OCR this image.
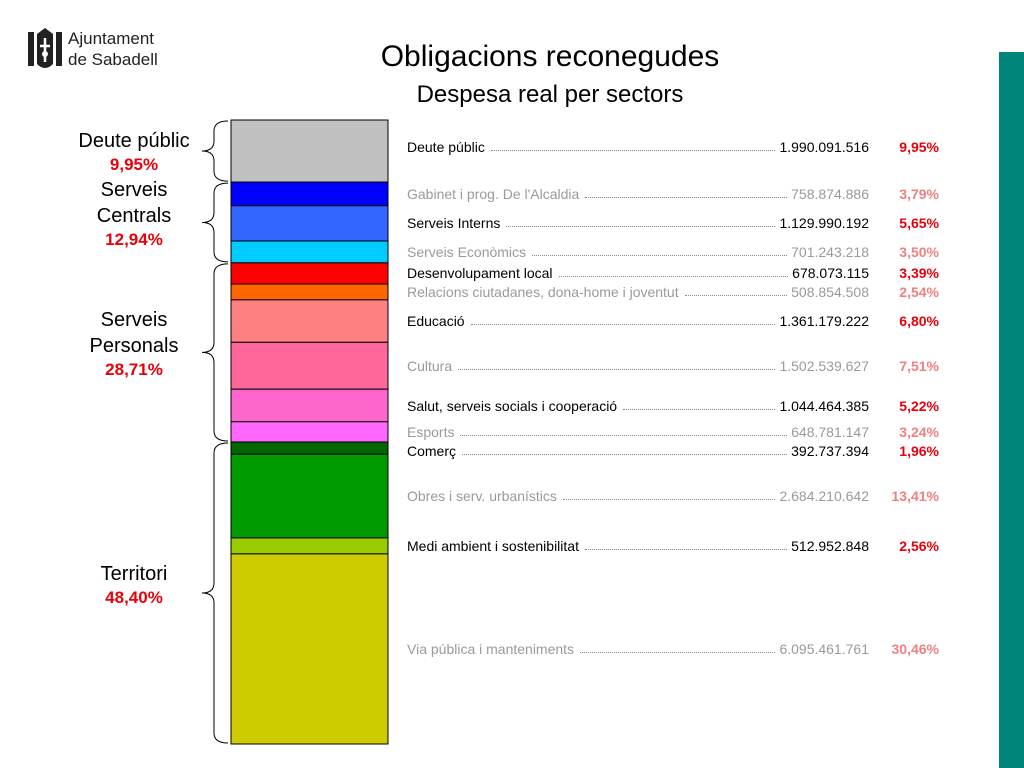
Ajuntament
de Sabadell	Obligacions reconegudes
Despesa real per sectors
Deute públic
9,95%
Serveis
Centrals
12,94%
Serveis
Personals
28,71%
Territori
48,40%
Deute públic	1.990.091.516 9,95%
Gabinet i prog. De l'Alcaldia	758.874.886 3,79%
Serveis Interns	1.129.990.192 5,65%
Serveis Econòmics	701.243.218 3,50%
Desenvolupament local	678.073.115 3,39%
Relacions ciutadanes, dona-home i joventut	508.854.508 2,54%
Educació	1.361.179.222 6,80%
Cultura	1.502.539.627 7,51%
Salut, serveis socials i cooperació	1.044.464.385 5,22%
Esports	648.781.147 3,24%
Comerç	392.737.394 1,96%
Obres i serv. urbanístics	2.684.210.642 13,41%
Medi ambient i sostenibilitat	512.952.848 2,56%
Via pública i manteniments	6.095.461.761 30,46%
